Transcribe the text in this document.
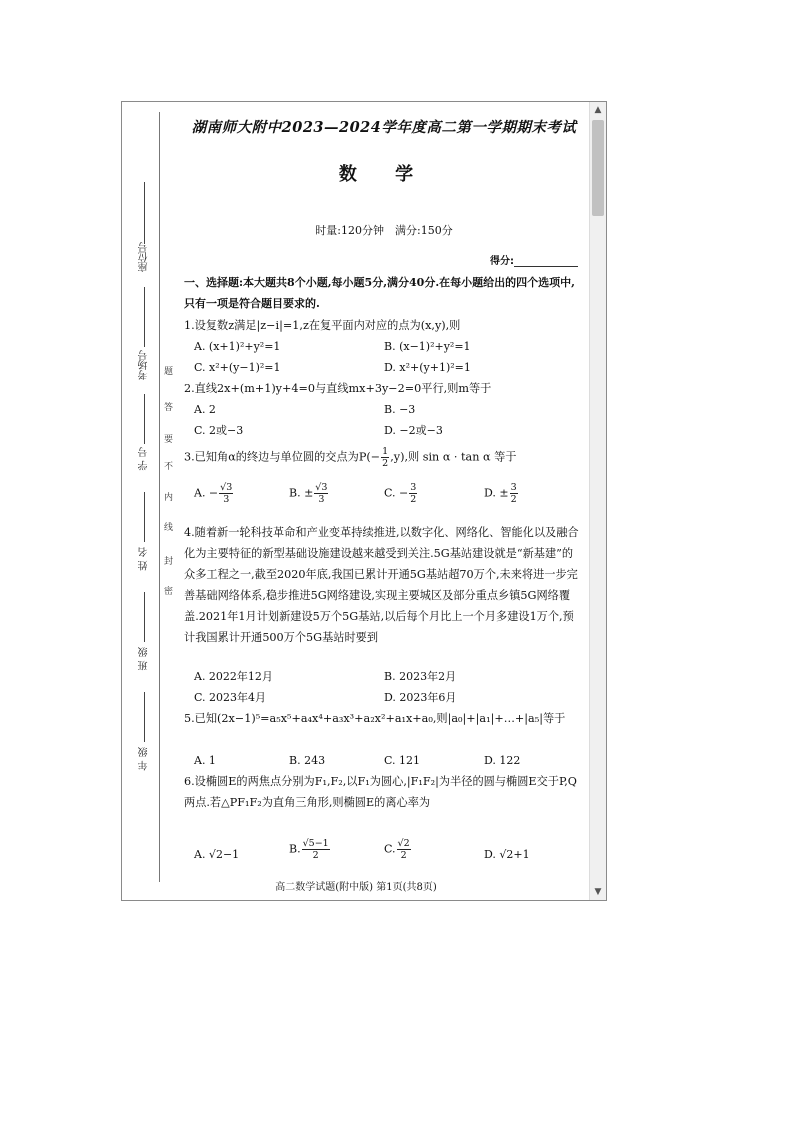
座位号
考场号
学 号
姓 名
班 级
年 级
题
答
要
不
内
线
封
密
湖南师大附中2023—2024学年度高二第一学期期末考试
数 学
时量:120分钟　满分:150分
得分:
一、选择题:本大题共8个小题,每小题5分,满分40分.在每小题给出的四个选项中,只有一项是符合题目要求的.
1.设复数z满足|z−i|=1,z在复平面内对应的点为(x,y),则
A. (x+1)²+y²=1	B. (x−1)²+y²=1
C. x²+(y−1)²=1	D. x²+(y+1)²=1
2.直线2x+(m+1)y+4=0与直线mx+3y−2=0平行,则m等于
A. 2	B. −3
C. 2或−3	D. −2或−3
3.已知角α的终边与单位圆的交点为$P(- \frac{1}{2} ,y)$,则 sin α · tan α 等于
A. − $\frac{√3}{3}$	B. ± $\frac{√3}{3}$	C. − $\frac{3}{2}$	D. ± $\frac{3}{2}$
4.随着新一轮科技革命和产业变革持续推进,以数字化、网络化、智能化以及融合化为主要特征的新型基础设施建设越来越受到关注.5G基站建设就是“新基建”的众多工程之一,截至2020年底,我国已累计开通5G基站超70万个,未来将进一步完善基础网络体系,稳步推进5G网络建设,实现主要城区及部分重点乡镇5G网络覆盖.2021年1月计划新建设5万个5G基站,以后每个月比上一个月多建设1万个,预计我国累计开通500万个5G基站时要到
A. 2022年12月	B. 2023年2月
C. 2023年4月	D. 2023年6月
5.已知(2x−1)⁵=a₅x⁵+a₄x⁴+a₃x³+a₂x²+a₁x+a₀,则|a₀|+|a₁|+…+|a₅|等于
A. 1	B. 243	C. 121	D. 122
6.设椭圆E的两焦点分别为F₁,F₂,以F₁为圆心,|F₁F₂|为半径的圆与椭圆E交于P,Q两点.若△PF₁F₂为直角三角形,则椭圆E的离心率为
A. √2−1	B. $\frac{√5-1}{2}$	C. $\frac{√2}{2}$	D. √2+1
高二数学试题(附中版) 第1页(共8页)
▲
▼
